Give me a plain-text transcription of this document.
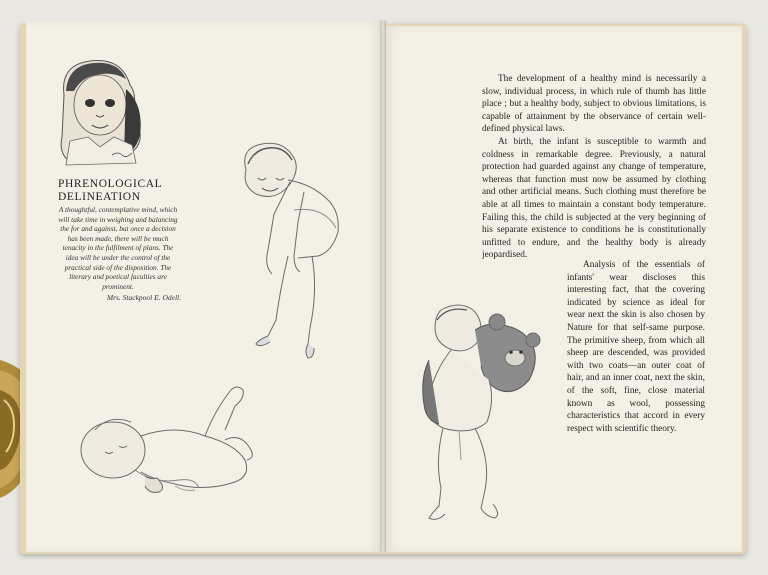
PHRENOLOGICAL
DELINEATION
A thoughtful, contemplative mind, which will take time in weighing and balancing the for and against, but once a decision has been made, there will be much tenacity in the fulfilment of plans. The idea will be under the control of the practical side of the disposition. The literary and poetical faculties are prominent.
Mrs. Stackpool E. Odell.

The development of a healthy mind is necessarily a slow, individual process, in which rule of thumb has little place ; but a healthy body, subject to obvious limitations, is capable of attainment by the observance of certain well-defined physical laws.

At birth, the infant is susceptible to warmth and coldness in remarkable degree. Previously, a natural protection had guarded against any change of temperature, whereas that function must now be assumed by clothing and other artificial means. Such clothing must therefore be able at all times to maintain a constant body temperature. Failing this, the child is subjected at the very beginning of his separate existence to conditions he is constitutionally unfitted to endure, and the healthy body is already jeopardised.

Analysis of the essentials of infants' wear discloses this interesting fact, that the covering indicated by science as ideal for wear next the skin is also chosen by Nature for that self-same purpose. The primitive sheep, from which all sheep are descended, was provided with two coats—an outer coat of hair, and an inner coat, next the skin, of the soft, fine, close material known as wool, possessing characteristics that accord in every respect with scientific theory.
